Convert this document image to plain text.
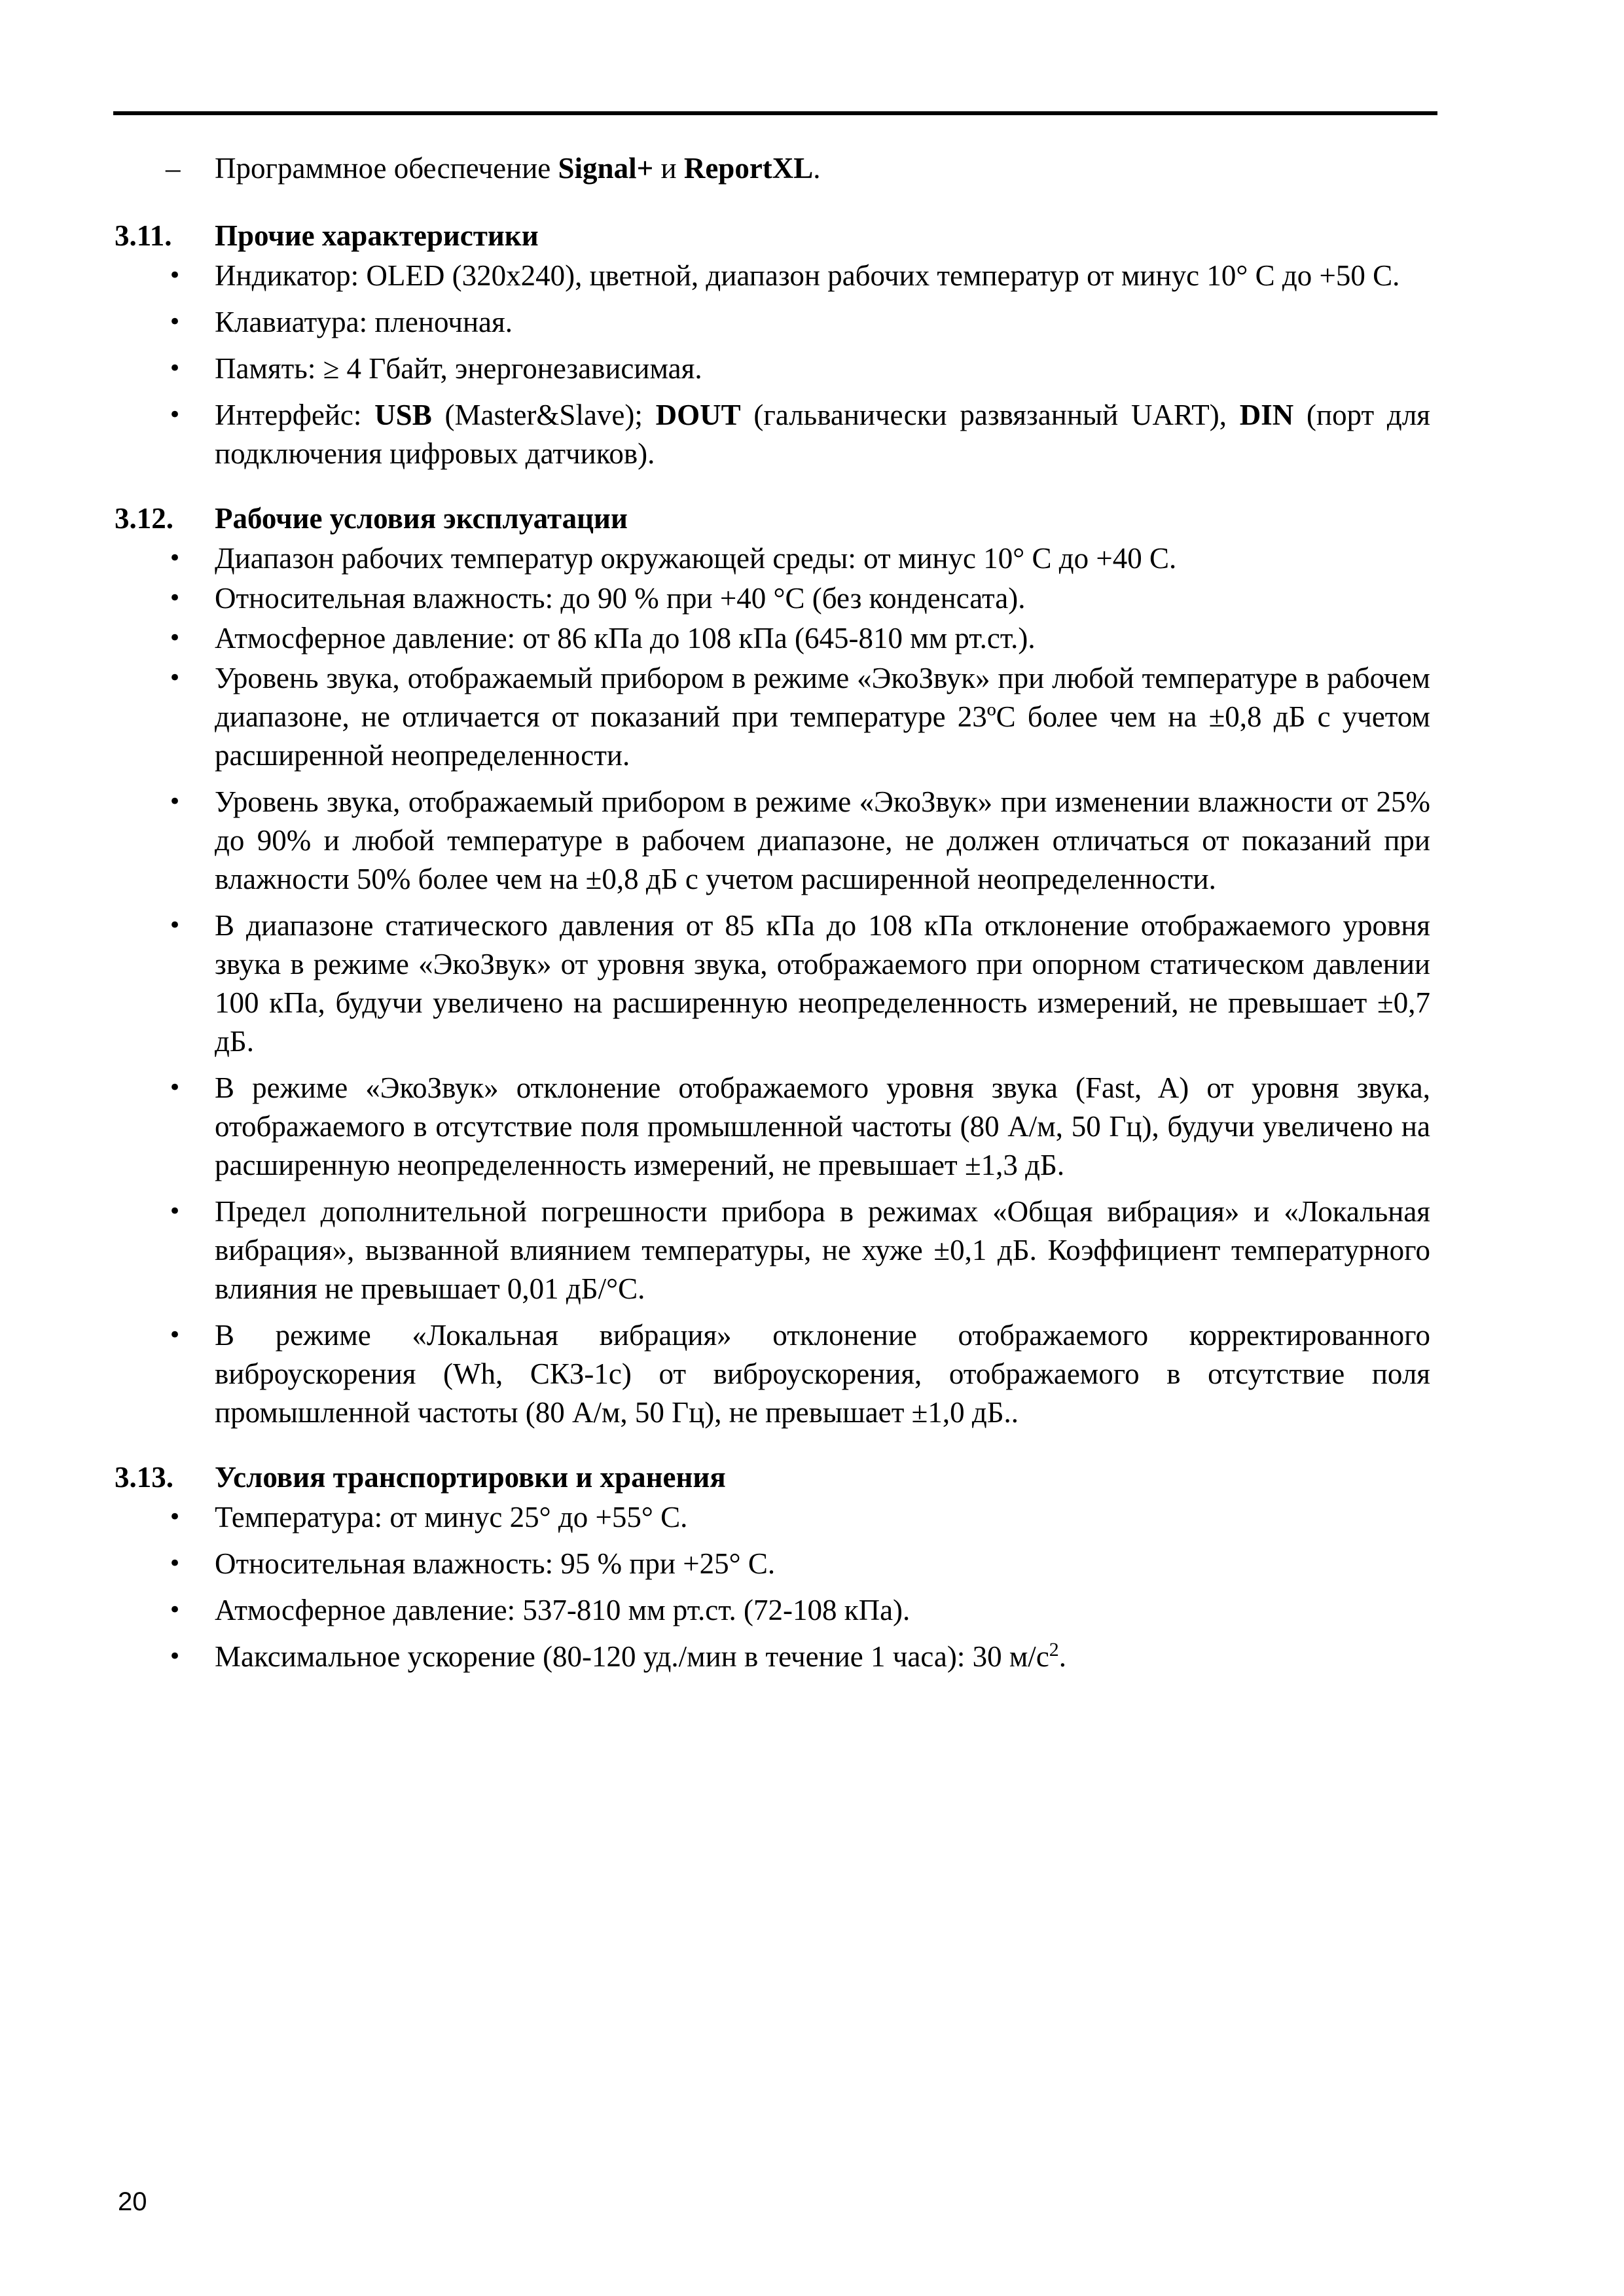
– Программное обеспечение Signal+ и ReportXL.
3.11.	Прочие характеристики
• Индикатор: OLED (320x240), цветной, диапазон рабочих температур от минус 10° С до +50 С.
• Клавиатура: пленочная.
• Память: ≥ 4 Гбайт, энергонезависимая.
• Интерфейс: USB (Master&Slave); DOUT (гальванически развязанный UART), DIN (порт для подключения цифровых датчиков).
3.12.	Рабочие условия эксплуатации
• Диапазон рабочих температур окружающей среды: от минус 10° С до +40 С.
• Относительная влажность: до 90 % при +40 °С (без конденсата).
• Атмосферное давление: от 86 кПа до 108 кПа (645-810 мм рт.ст.).
• Уровень звука, отображаемый прибором в режиме «ЭкоЗвук» при любой температуре в рабочем диапазоне, не отличается от показаний при температуре 23ºС более чем на ±0,8 дБ с учетом расширенной неопределенности.
• Уровень звука, отображаемый прибором в режиме «ЭкоЗвук» при изменении влажности от 25% до 90% и любой температуре в рабочем диапазоне, не должен отличаться от показаний при влажности 50% более чем на ±0,8 дБ с учетом расширенной неопределенности.
• В диапазоне статического давления от 85 кПа до 108 кПа отклонение отображаемого уровня звука в режиме «ЭкоЗвук» от уровня звука, отображаемого при опорном статическом давлении 100 кПа, будучи увеличено на расширенную неопределенность измерений, не превышает ±0,7 дБ.
• В режиме «ЭкоЗвук» отклонение отображаемого уровня звука (Fast, A) от уровня звука, отображаемого в отсутствие поля промышленной частоты (80 А/м, 50 Гц), будучи увеличено на расширенную неопределенность измерений, не превышает ±1,3 дБ.
• Предел дополнительной погрешности прибора в режимах «Общая вибрация» и «Локальная вибрация», вызванной влиянием температуры, не хуже ±0,1 дБ. Коэффициент температурного влияния не превышает 0,01 дБ/°С.
• В режиме «Локальная вибрация» отклонение отображаемого корректированного виброускорения (Wh, СКЗ-1с) от виброускорения, отображаемого в отсутствие поля промышленной частоты (80 А/м, 50 Гц), не превышает ±1,0 дБ..
3.13.	Условия транспортировки и хранения
• Температура: от минус 25° до +55° С.
• Относительная влажность: 95 % при +25° С.
• Атмосферное давление: 537-810 мм рт.ст. (72-108 кПа).
• Максимальное ускорение (80-120 уд./мин в течение 1 часа): 30 $м/с^2$.
20
